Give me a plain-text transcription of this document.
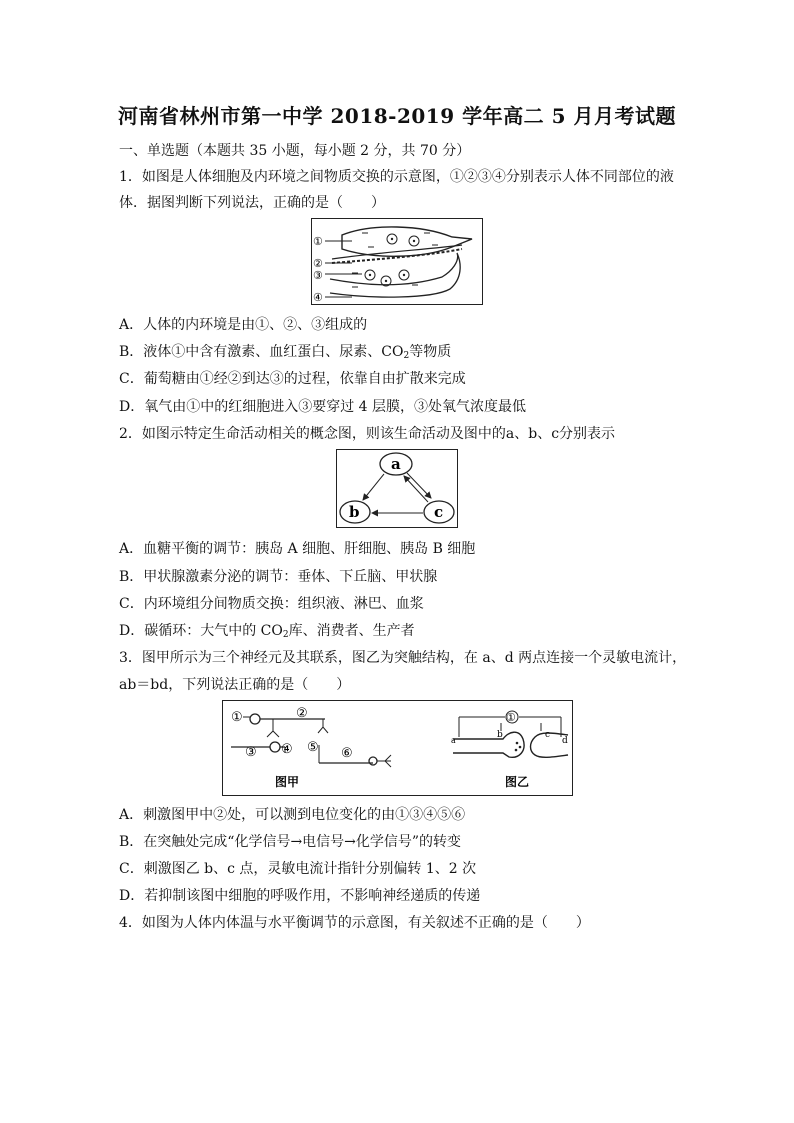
河南省林州市第一中学 2018-2019 学年高二 5 月月考试题
一、单选题（本题共 35 小题，每小题 2 分，共 70 分）
1．如图是人体细胞及内环境之间物质交换的示意图，①②③④分别表示人体不同部位的液
体．据图判断下列说法，正确的是（　　）
①
②
③
④
A．人体的内环境是由①、②、③组成的
B．液体①中含有激素、血红蛋白、尿素、$CO_2$等物质
C．葡萄糖由①经②到达③的过程，依靠自由扩散来完成
D．氧气由①中的红细胞进入③要穿过 4 层膜，③处氧气浓度最低
2．如图示特定生命活动相关的概念图，则该生命活动及图中的a、b、c分别表示
a
b	c
A．血糖平衡的调节：胰岛 A 细胞、肝细胞、胰岛 B 细胞
B．甲状腺激素分泌的调节：垂体、下丘脑、甲状腺
C．内环境组分间物质交换：组织液、淋巴、血浆
D．碳循环：大气中的 $CO_2$库、消费者、生产者
3．图甲所示为三个神经元及其联系，图乙为突触结构，在 a、d 两点连接一个灵敏电流计，
ab＝bd，下列说法正确的是（　　）
①	②
③ ④ ⑤ ⑥
图甲
①
a
b	c
d
图乙
A．刺激图甲中②处，可以测到电位变化的由①③④⑤⑥
B．在突触处完成“化学信号→电信号→化学信号”的转变
C．刺激图乙 b、c 点，灵敏电流计指针分别偏转 1、2 次
D．若抑制该图中细胞的呼吸作用，不影响神经递质的传递
4．如图为人体内体温与水平衡调节的示意图，有关叙述不正确的是（　　）
